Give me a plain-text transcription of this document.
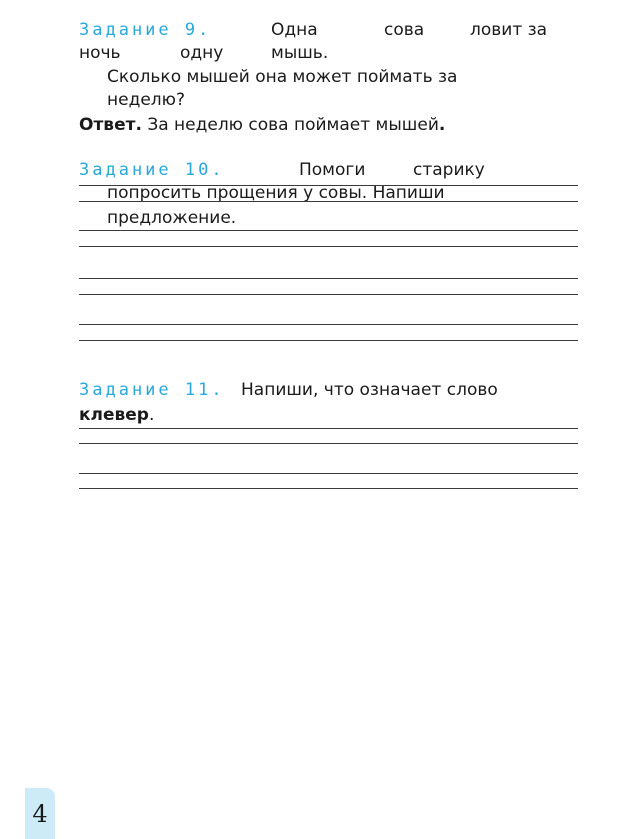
Задание 9.	Одна	сова	ловит за
ночь	одну	мышь.
Сколько мышей она может поймать за
неделю?
Ответ. За неделю сова поймает мышей.
Задание 10.	Помоги	старику
попросить прощения у совы. Напиши
предложение.
Задание 11. Напиши, что означает слово
клевер.
4
